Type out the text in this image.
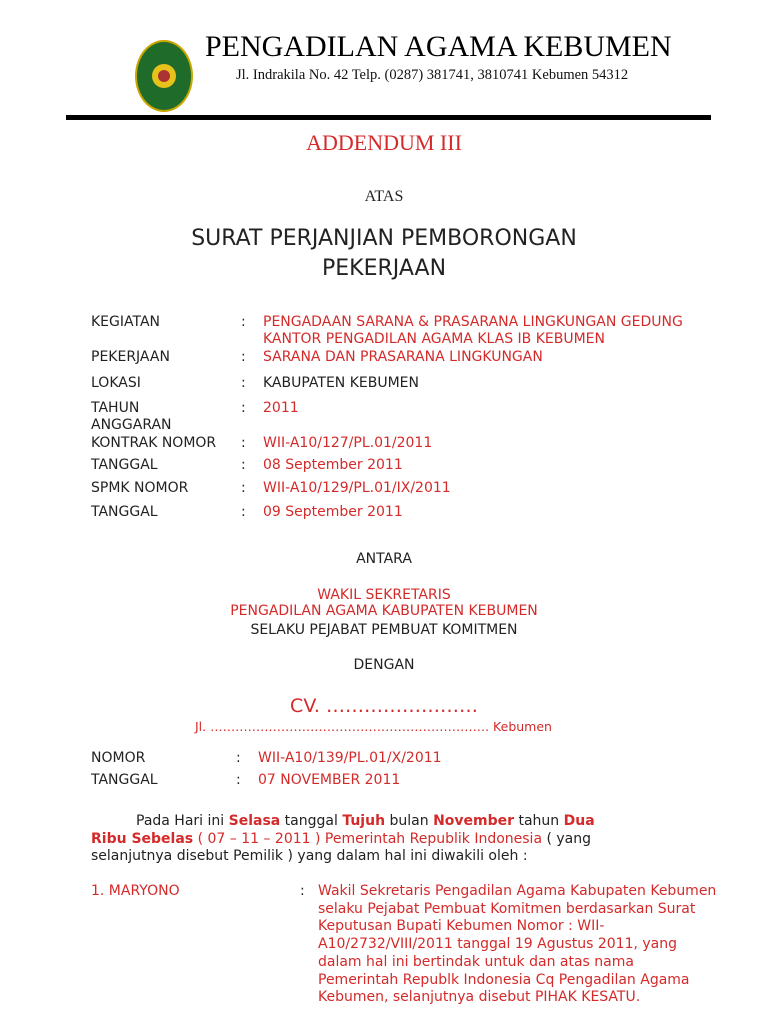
PENGADILAN AGAMA KEBUMEN
Jl. Indrakila No. 42 Telp. (0287) 381741, 3810741 Kebumen 54312
ADDENDUM III
ATAS
SURAT PERJANJIAN PEMBORONGAN
PEKERJAAN
KEGIATAN	: PENGADAAN SARANA & PRASARANA LINGKUNGAN GEDUNG
KANTOR PENGADILAN AGAMA KLAS IB KEBUMEN
PEKERJAAN	: SARANA DAN PRASARANA LINGKUNGAN
LOKASI	: KABUPATEN KEBUMEN
TAHUN
ANGGARAN
: 2011
KONTRAK NOMOR : WII-A10/127/PL.01/2011
TANGGAL	: 08 September 2011
SPMK NOMOR	: WII-A10/129/PL.01/IX/2011
TANGGAL	: 09 September 2011
ANTARA
WAKIL SEKRETARIS
PENGADILAN AGAMA KABUPATEN KEBUMEN
SELAKU PEJABAT PEMBUAT KOMITMEN
DENGAN
CV. ……………………
Jl. …………………………………………………………. Kebumen
NOMOR	: WII-A10/139/PL.01/X/2011
TANGGAL	: 07 NOVEMBER 2011
Pada Hari ini Selasa tanggal Tujuh bulan November tahun Dua
Ribu Sebelas ( 07 – 11 – 2011 ) Pemerintah Republik Indonesia ( yang
selanjutnya disebut Pemilik ) yang dalam hal ini diwakili oleh :
1. MARYONO	: Wakil Sekretaris Pengadilan Agama Kabupaten Kebumen selaku Pejabat Pembuat Komitmen berdasarkan Surat Keputusan Bupati Kebumen Nomor : WII-A10/2732/VIII/2011 tanggal 19 Agustus 2011, yang dalam hal ini bertindak untuk dan atas nama Pemerintah Republk Indonesia Cq Pengadilan Agama Kebumen, selanjutnya disebut PIHAK KESATU.
